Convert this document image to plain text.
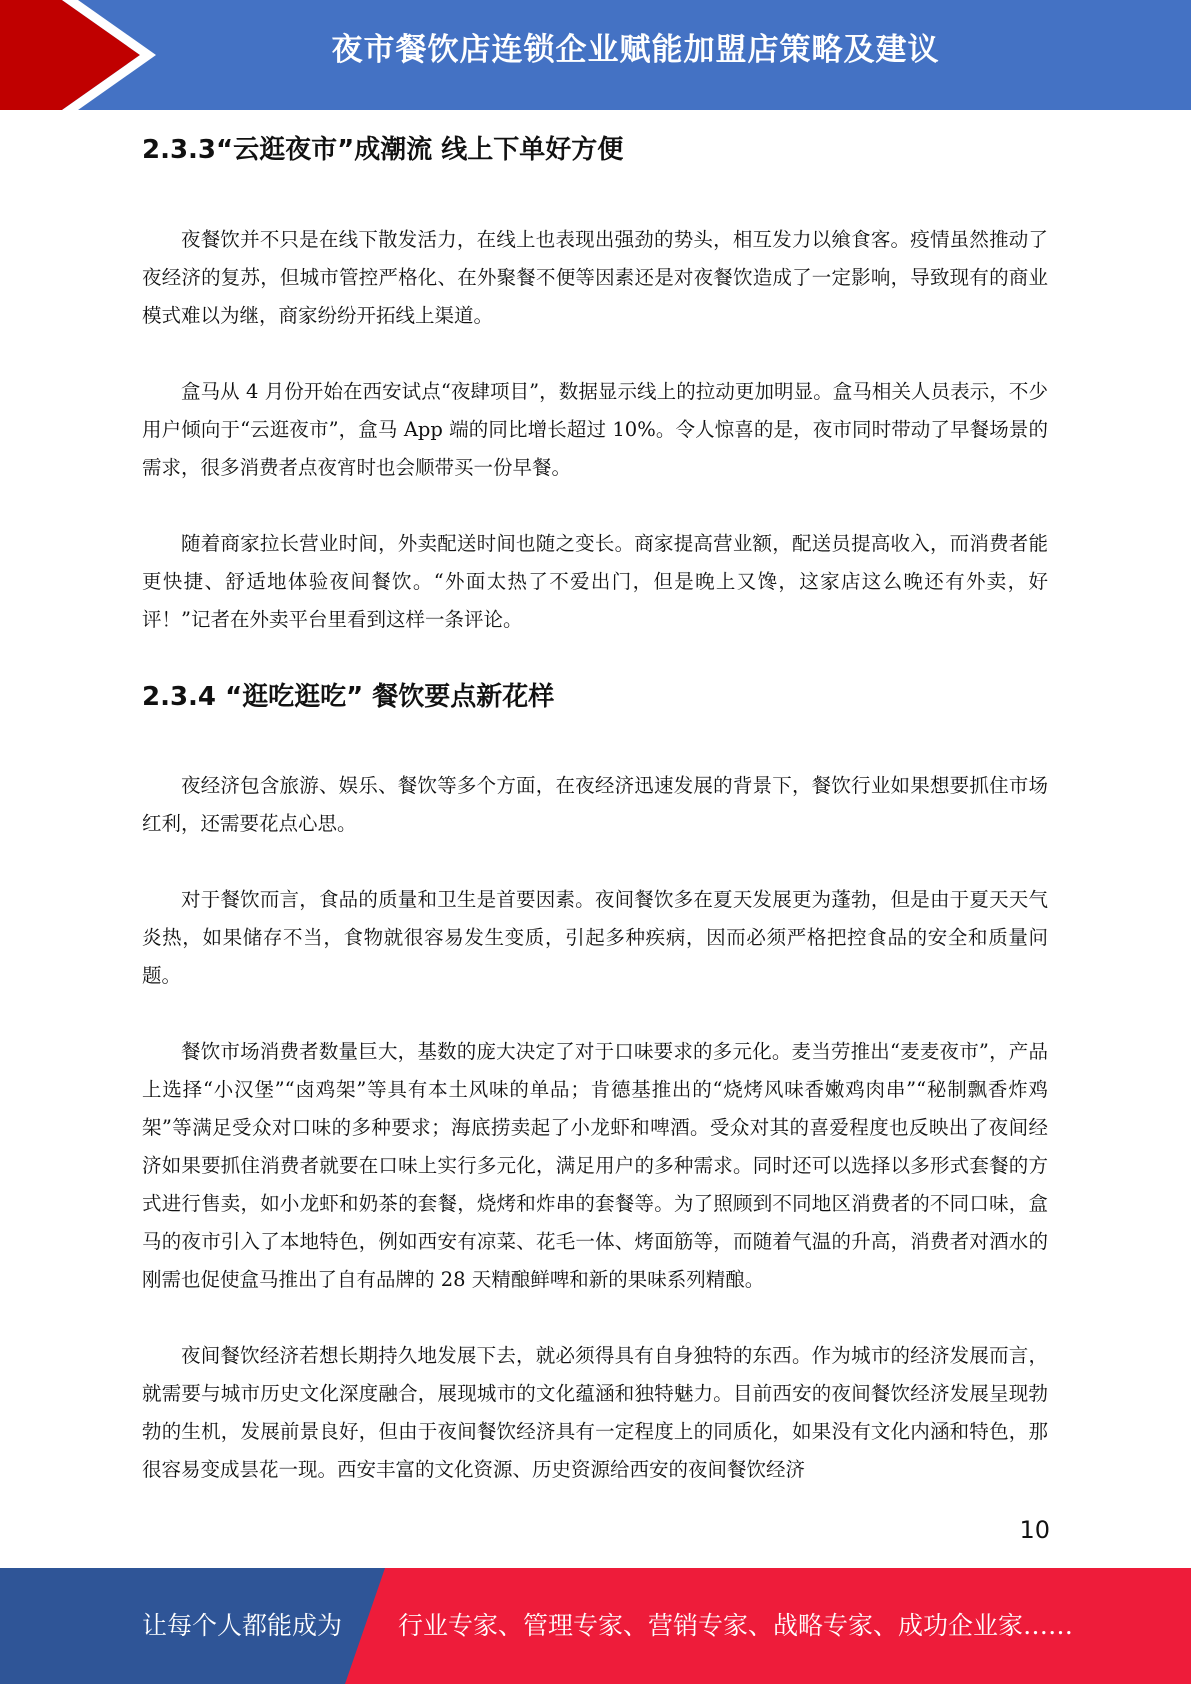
夜市餐饮店连锁企业赋能加盟店策略及建议
2.3.3“云逛夜市”成潮流 线上下单好方便

夜餐饮并不只是在线下散发活力，在线上也表现出强劲的势头，相互发力以飨食客。疫情虽然推动了夜经济的复苏，但城市管控严格化、在外聚餐不便等因素还是对夜餐饮造成了一定影响，导致现有的商业模式难以为继，商家纷纷开拓线上渠道。

盒马从 4 月份开始在西安试点“夜肆项目”，数据显示线上的拉动更加明显。盒马相关人员表示，不少用户倾向于“云逛夜市”，盒马 App 端的同比增长超过 10%。令人惊喜的是，夜市同时带动了早餐场景的需求，很多消费者点夜宵时也会顺带买一份早餐。

随着商家拉长营业时间，外卖配送时间也随之变长。商家提高营业额，配送员提高收入，而消费者能更快捷、舒适地体验夜间餐饮。“外面太热了不爱出门，但是晚上又馋，这家店这么晚还有外卖，好评！”记者在外卖平台里看到这样一条评论。

2.3.4 “逛吃逛吃” 餐饮要点新花样

夜经济包含旅游、娱乐、餐饮等多个方面，在夜经济迅速发展的背景下，餐饮行业如果想要抓住市场红利，还需要花点心思。

对于餐饮而言，食品的质量和卫生是首要因素。夜间餐饮多在夏天发展更为蓬勃，但是由于夏天天气炎热，如果储存不当，食物就很容易发生变质，引起多种疾病，因而必须严格把控食品的安全和质量问题。

餐饮市场消费者数量巨大，基数的庞大决定了对于口味要求的多元化。麦当劳推出“麦麦夜市”，产品上选择“小汉堡”“卤鸡架”等具有本土风味的单品；肯德基推出的“烧烤风味香嫩鸡肉串”“秘制飘香炸鸡架”等满足受众对口味的多种要求；海底捞卖起了小龙虾和啤酒。受众对其的喜爱程度也反映出了夜间经济如果要抓住消费者就要在口味上实行多元化，满足用户的多种需求。同时还可以选择以多形式套餐的方式进行售卖，如小龙虾和奶茶的套餐，烧烤和炸串的套餐等。为了照顾到不同地区消费者的不同口味，盒马的夜市引入了本地特色，例如西安有凉菜、花毛一体、烤面筋等，而随着气温的升高，消费者对酒水的刚需也促使盒马推出了自有品牌的 28 天精酿鲜啤和新的果味系列精酿。

夜间餐饮经济若想长期持久地发展下去，就必须得具有自身独特的东西。作为城市的经济发展而言，就需要与城市历史文化深度融合，展现城市的文化蕴涵和独特魅力。目前西安的夜间餐饮经济发展呈现勃勃的生机，发展前景良好，但由于夜间餐饮经济具有一定程度上的同质化，如果没有文化内涵和特色，那很容易变成昙花一现。西安丰富的文化资源、历史资源给西安的夜间餐饮经济

10
让每个人都能成为 行业专家、管理专家、营销专家、战略专家、成功企业家……
